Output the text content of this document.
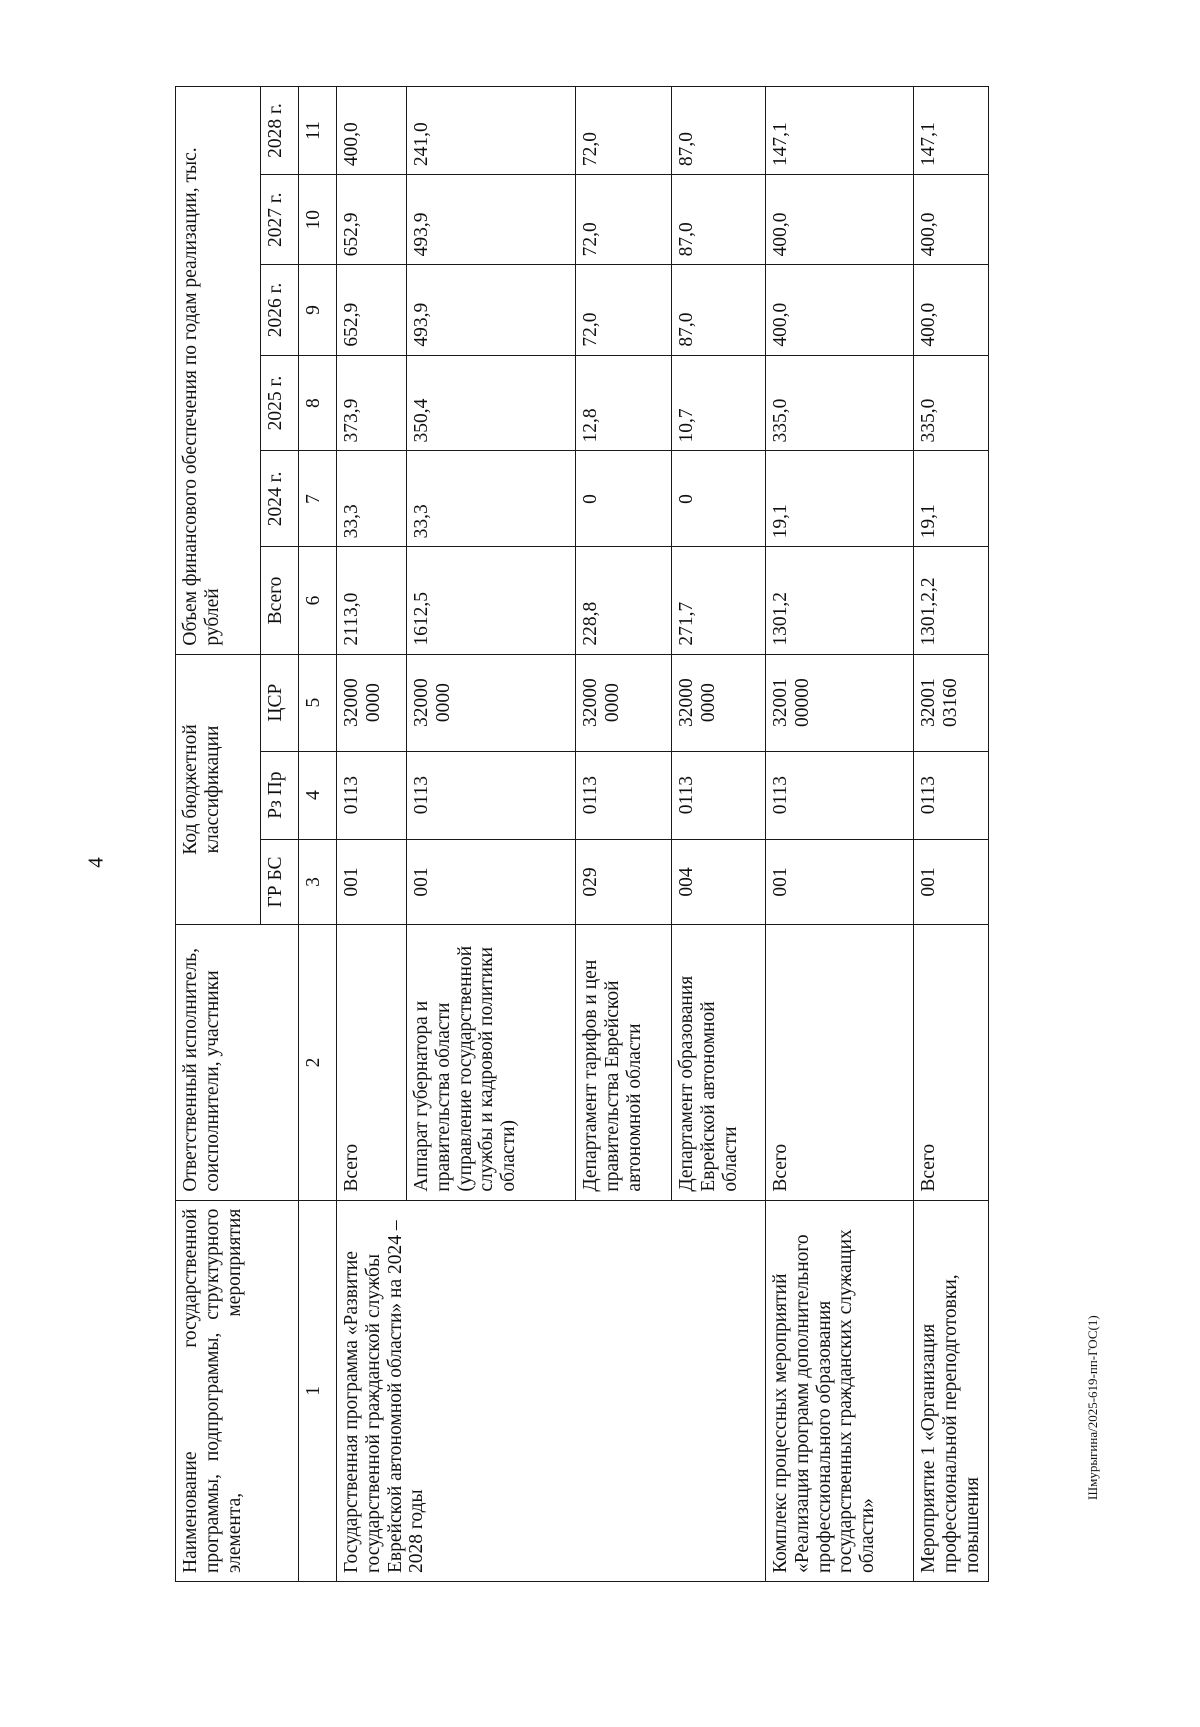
4
Шмурыгина/2025-619-пп-ГОС(1)
Наименование государственной программы, подпрограммы, структурного элемента, мероприятия	Ответственный исполнитель, соисполнители, участники	Код бюджетной классификации			Объем финансового обеспечения по годам реализации, тыс. рублей					
		ГР БС	Рз Пр	ЦСР	Всего	2024 г.	2025 г.	2026 г.	2027 г.	2028 г.
1	2	3	4	5	6	7	8	9	10	11
Государственная программа «Развитие государственной гражданской службы Еврейской автономной области» на 2024 – 2028 годы	Всего	001	0113	32000 0000	2113,0	33,3	373,9	652,9	652,9	400,0
	Аппарат губернатора и правительства области (управление государственной службы и кадровой политики области)	001	0113	32000 0000	1612,5	33,3	350,4	493,9	493,9	241,0
	Департамент тарифов и цен правительства Еврейской автономной области	029	0113	32000 0000	228,8	0	12,8	72,0	72,0	72,0
	Департамент образования Еврейской автономной области	004	0113	32000 0000	271,7	0	10,7	87,0	87,0	87,0
Комплекс процессных мероприятий «Реализация программ дополнительного профессионального образования государственных гражданских служащих области»	Всего	001	0113	32001 00000	1301,2	19,1	335,0	400,0	400,0	147,1
Мероприятие 1 «Организация профессиональной переподготовки, повышения	Всего	001	0113	32001 03160	1301,2,2	19,1	335,0	400,0	400,0	147,1
